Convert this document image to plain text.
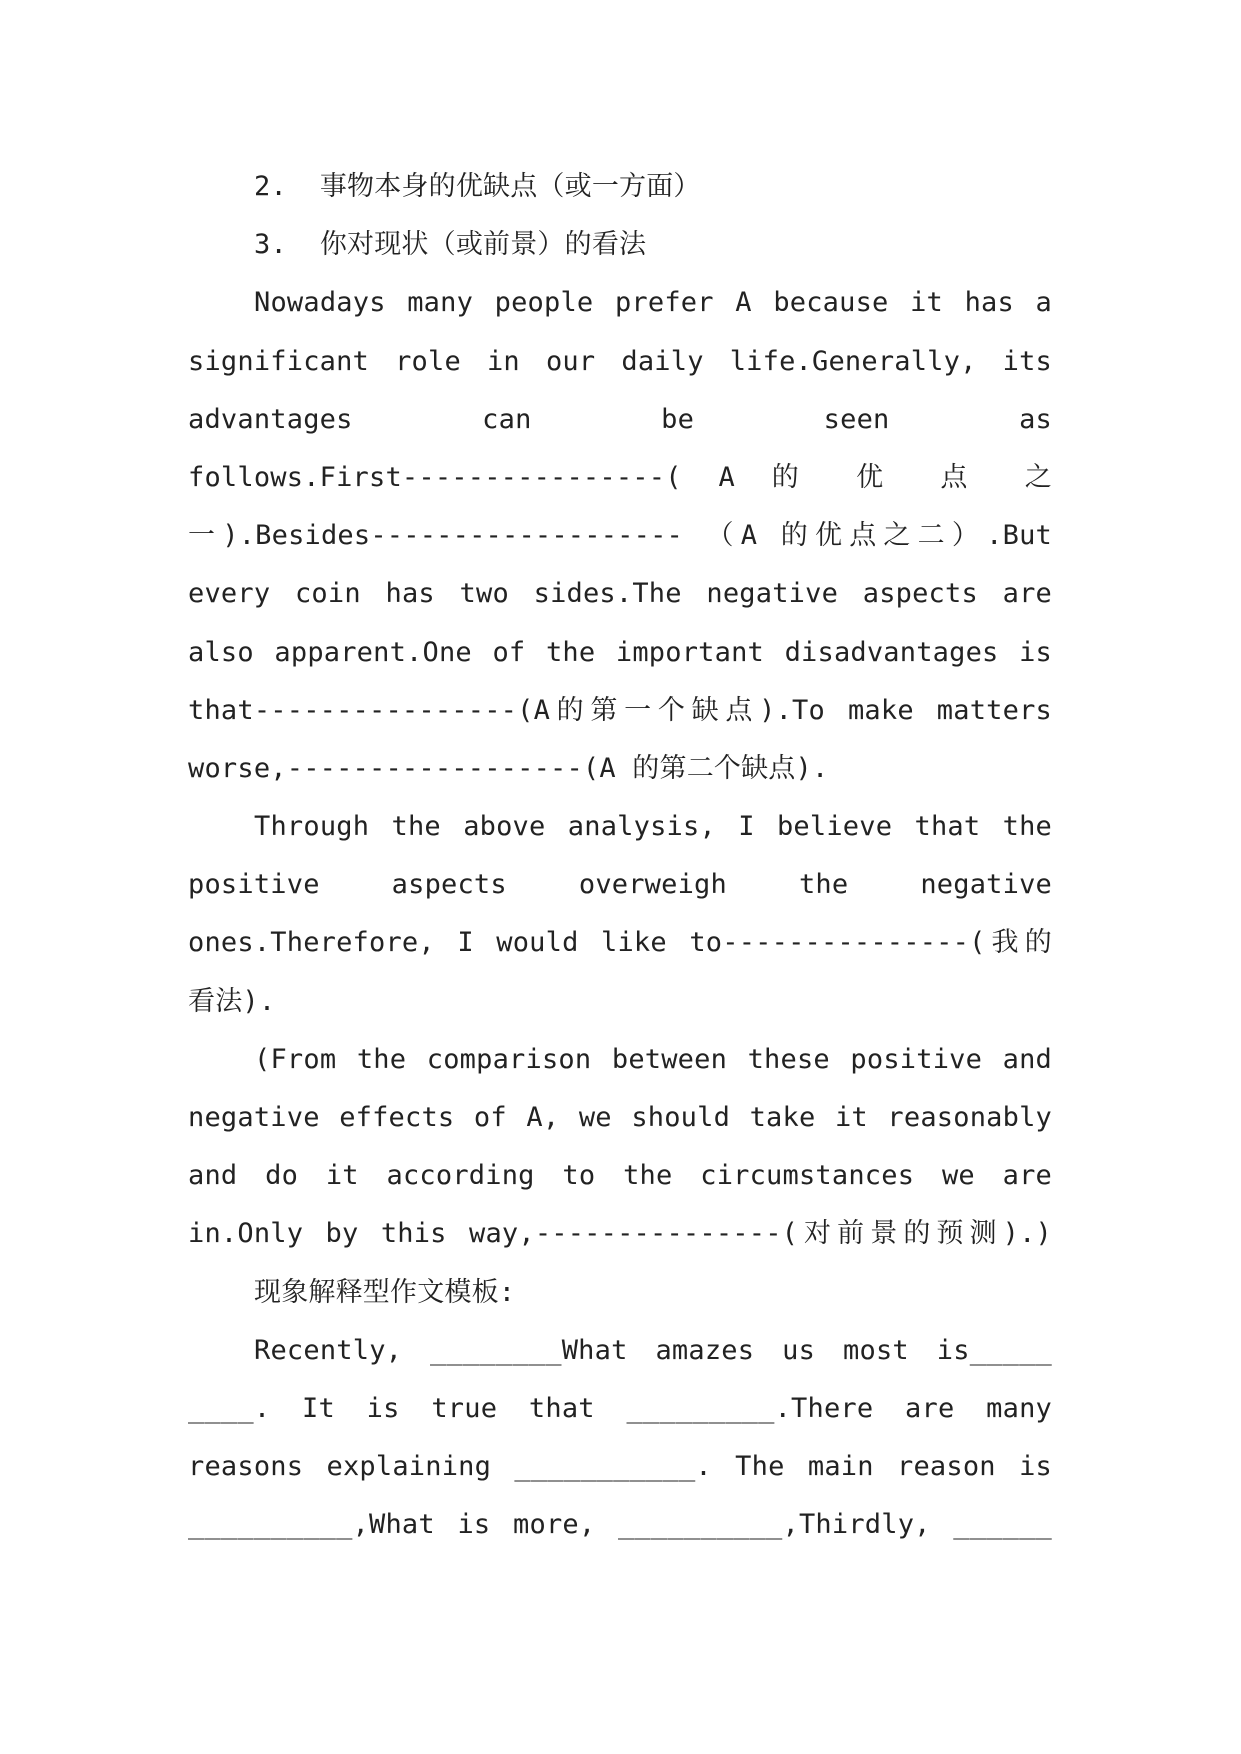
2.  事物本身的优缺点（或一方面）

3.  你对现状（或前景）的看法

Nowadays many people prefer A because it has a

significant role in our daily life.Generally, its

advantages can be seen as

follows.First----------------( A 的 优 点 之

一).Besides------------------- （A 的优点之二）.But

every coin has two sides.The negative aspects are

also apparent.One of the important disadvantages is

that----------------(A的第一个缺点).To make matters

worse,------------------(A 的第二个缺点).

Through the above analysis, I believe that the

positive aspects overweigh the negative

ones.Therefore, I would like to---------------(我的

看法).

(From the comparison between these positive and

negative effects of A, we should take it reasonably

and do it according to the circumstances we are

in.Only by this way,---------------(对前景的预测).)

现象解释型作文模板:

Recently, ________What amazes us most is_____

____. It is true that _________.There are many

reasons explaining ___________. The main reason is

__________,What is more, __________,Thirdly, ______
